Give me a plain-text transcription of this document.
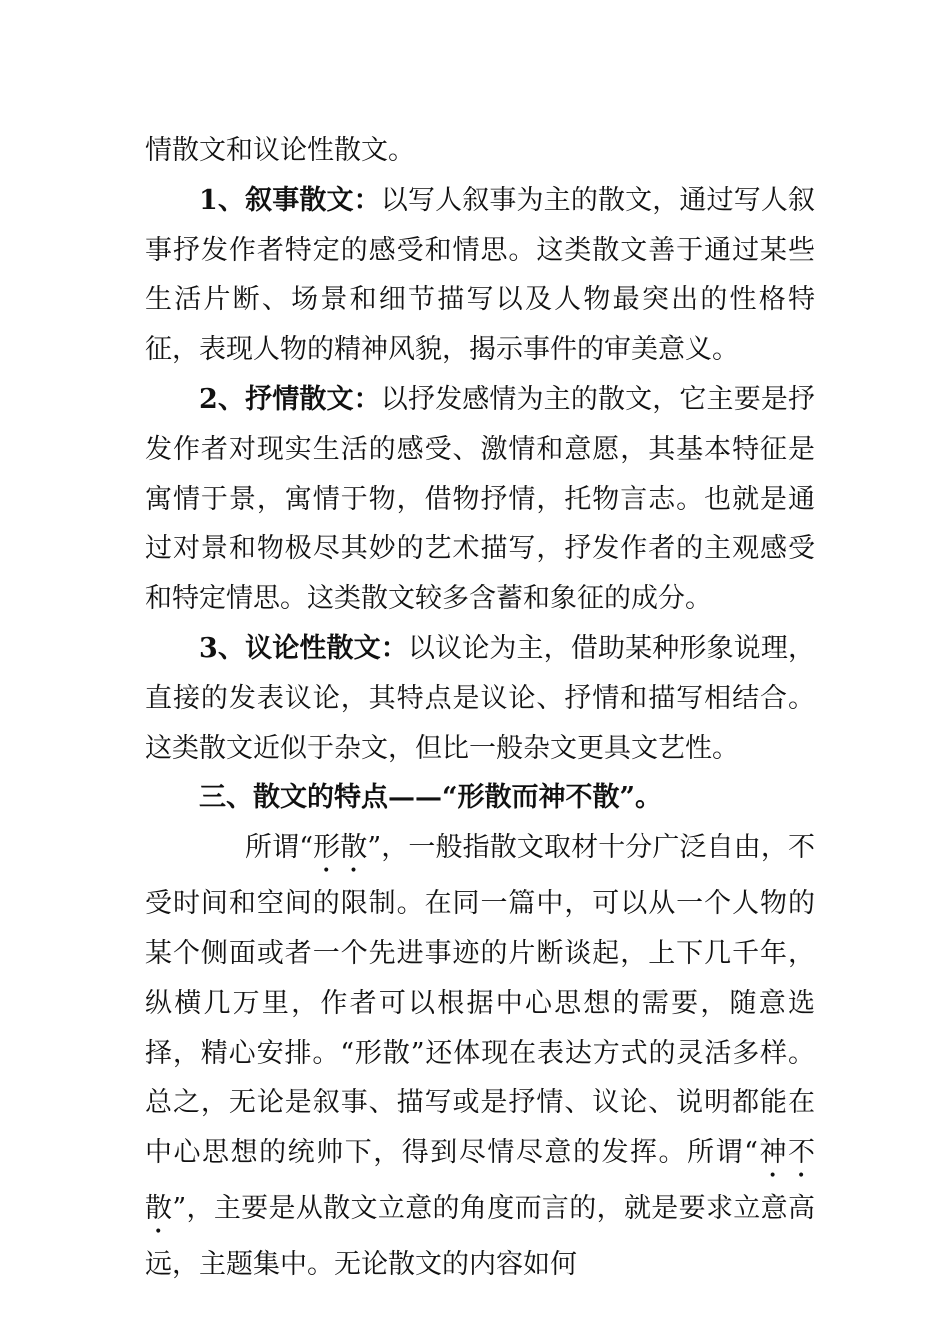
情散文和议论性散文。

1、叙事散文：以写人叙事为主的散文，通过写人叙事抒发作者特定的感受和情思。这类散文善于通过某些生活片断、场景和细节描写以及人物最突出的性格特征，表现人物的精神风貌，揭示事件的审美意义。

2、抒情散文：以抒发感情为主的散文，它主要是抒发作者对现实生活的感受、激情和意愿，其基本特征是寓情于景，寓情于物，借物抒情，托物言志。也就是通过对景和物极尽其妙的艺术描写，抒发作者的主观感受和特定情思。这类散文较多含蓄和象征的成分。

3、议论性散文：以议论为主，借助某种形象说理，直接的发表议论，其特点是议论、抒情和描写相结合。这类散文近似于杂文，但比一般杂文更具文艺性。

三、散文的特点——“形散而神不散”。

所谓“形散”，一般指散文取材十分广泛自由，不受时间和空间的限制。在同一篇中，可以从一个人物的某个侧面或者一个先进事迹的片断谈起，上下几千年，纵横几万里，作者可以根据中心思想的需要，随意选择，精心安排。“形散”还体现在表达方式的灵活多样。总之，无论是叙事、描写或是抒情、议论、说明都能在中心思想的统帅下，得到尽情尽意的发挥。所谓“神不散”，主要是从散文立意的角度而言的，就是要求立意高远，主题集中。无论散文的内容如何
